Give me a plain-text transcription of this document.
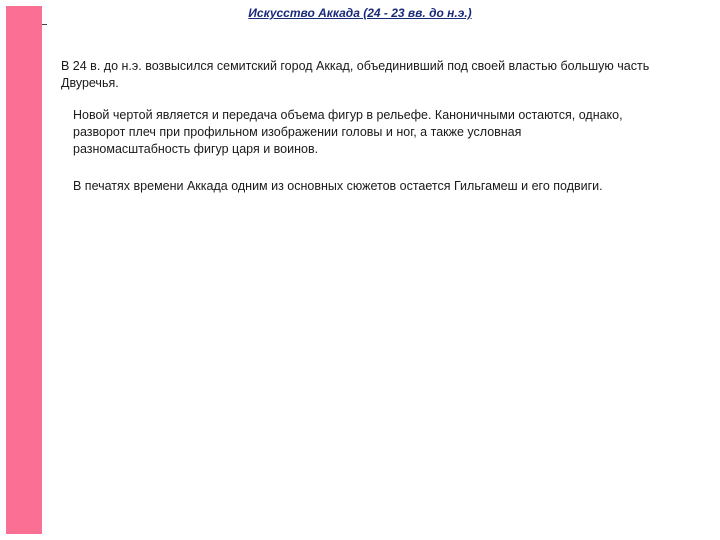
Искусство Аккада (24 - 23 вв. до н.э.)

В 24 в. до н.э. возвысился семитский город Аккад, объединивший под своей властью большую часть Двуречья.

Новой чертой является и передача объема фигур в рельефе. Каноничными остаются, однако, разворот плеч при профильном изображении головы и ног, а также условная разномасштабность фигур царя и воинов.

В печатях времени Аккада одним из основных сюжетов остается Гильгамеш и его подвиги.
